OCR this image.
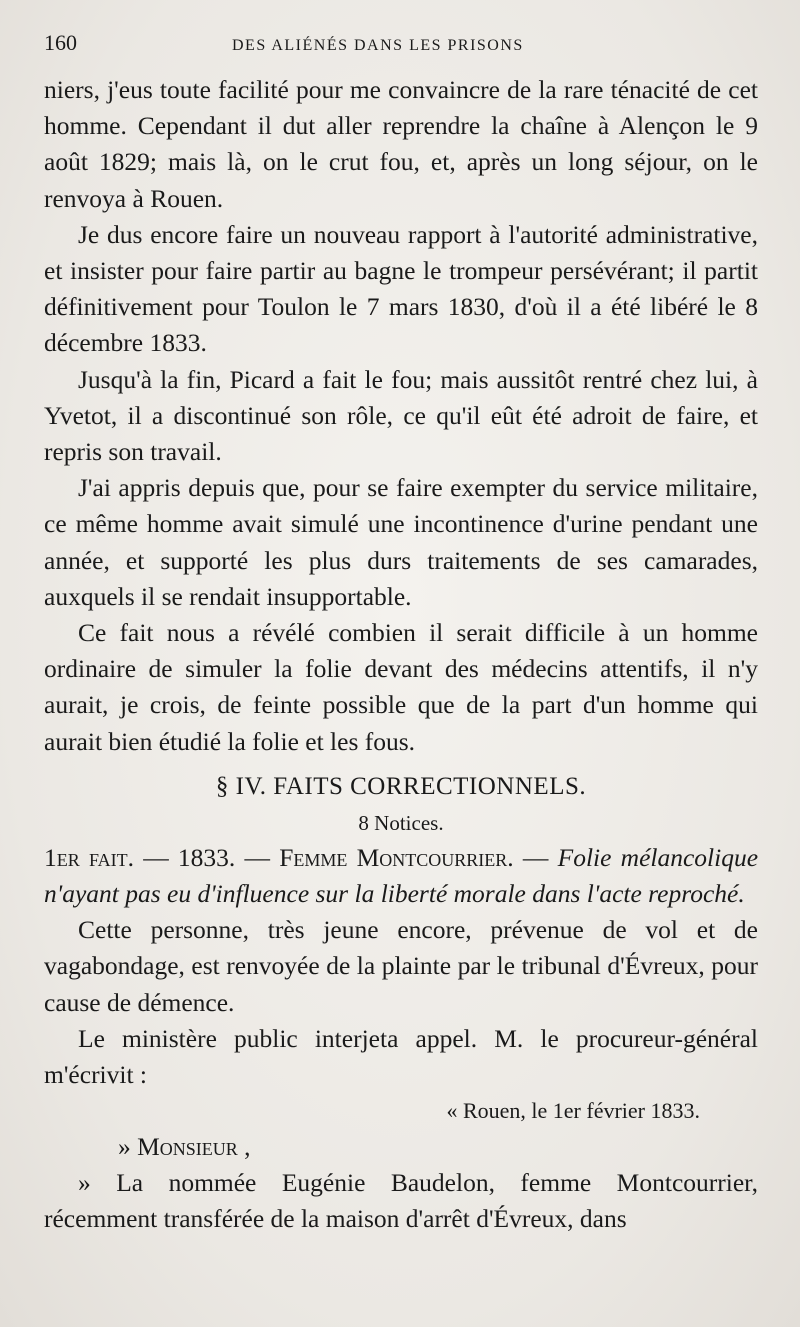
160	DES ALIÉNÉS DANS LES PRISONS

niers, j'eus toute facilité pour me convaincre de la rare ténacité de cet homme. Cependant il dut aller reprendre la chaîne à Alençon le 9 août 1829; mais là, on le crut fou, et, après un long séjour, on le renvoya à Rouen.

Je dus encore faire un nouveau rapport à l'autorité administrative, et insister pour faire partir au bagne le trompeur persévérant; il partit définitivement pour Toulon le 7 mars 1830, d'où il a été libéré le 8 décembre 1833.

Jusqu'à la fin, Picard a fait le fou; mais aussitôt rentré chez lui, à Yvetot, il a discontinué son rôle, ce qu'il eût été adroit de faire, et repris son travail.

J'ai appris depuis que, pour se faire exempter du service militaire, ce même homme avait simulé une incontinence d'urine pendant une année, et supporté les plus durs traitements de ses camarades, auxquels il se rendait insupportable.

Ce fait nous a révélé combien il serait difficile à un homme ordinaire de simuler la folie devant des médecins attentifs, il n'y aurait, je crois, de feinte possible que de la part d'un homme qui aurait bien étudié la folie et les fous.

§ IV. FAITS CORRECTIONNELS.
8 Notices.

1er fait. — 1833. — Femme Montcourrier. — Folie mélancolique n'ayant pas eu d'influence sur la liberté morale dans l'acte reproché.

Cette personne, très jeune encore, prévenue de vol et de vagabondage, est renvoyée de la plainte par le tribunal d'Évreux, pour cause de démence.

Le ministère public interjeta appel. M. le procureur-général m'écrivit :

« Rouen, le 1er février 1833.
» Monsieur ,

» La nommée Eugénie Baudelon, femme Montcourrier, récemment transférée de la maison d'arrêt d'Évreux, dans
